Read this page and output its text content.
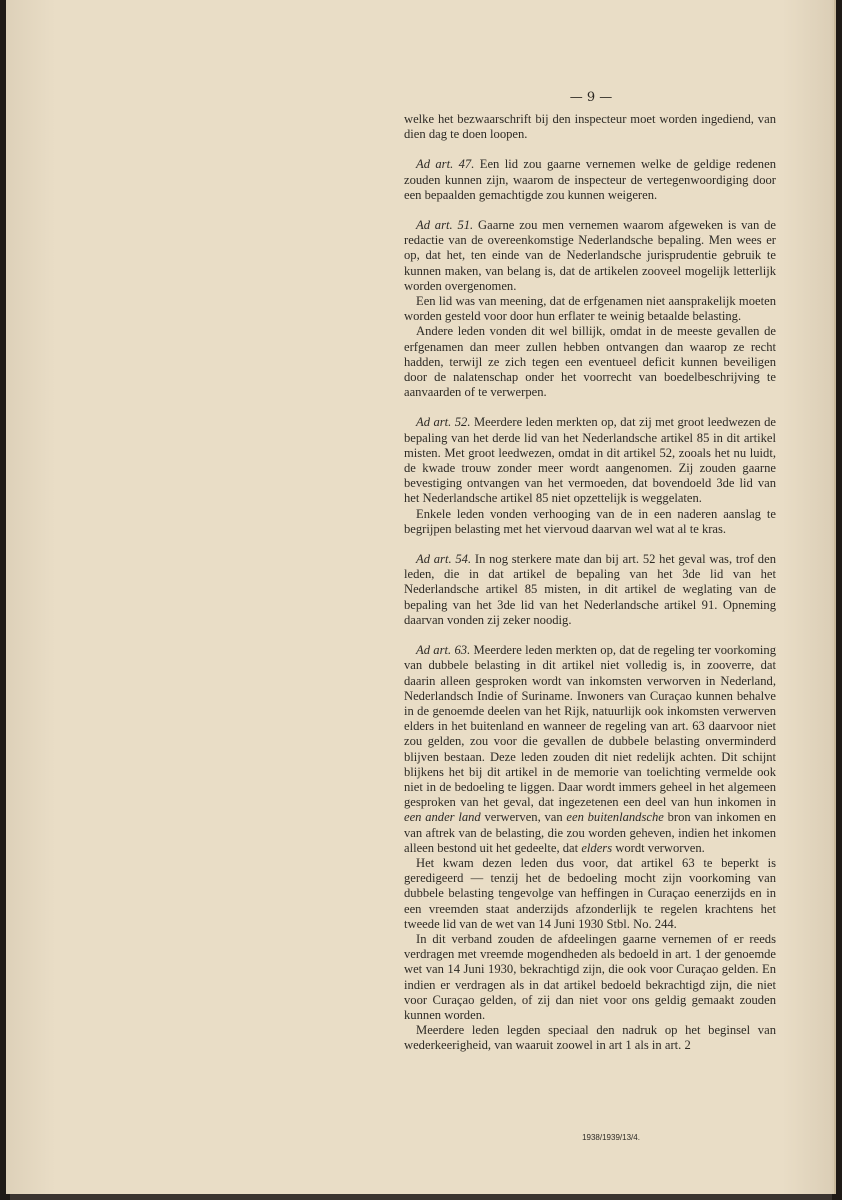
— 9 —

welke het bezwaarschrift bij den inspecteur moet worden ingediend, van dien dag te doen loopen.

Ad art. 47. Een lid zou gaarne vernemen welke de geldige redenen zouden kunnen zijn, waarom de inspecteur de vertegenwoordiging door een bepaalden gemachtigde zou kunnen weigeren.

Ad art. 51. Gaarne zou men vernemen waarom afgeweken is van de redactie van de overeenkomstige Nederlandsche bepaling. Men wees er op, dat het, ten einde van de Nederlandsche jurisprudentie gebruik te kunnen maken, van belang is, dat de artikelen zooveel mogelijk letterlijk worden overgenomen.

Een lid was van meening, dat de erfgenamen niet aansprakelijk moeten worden gesteld voor door hun erflater te weinig betaalde belasting.

Andere leden vonden dit wel billijk, omdat in de meeste gevallen de erfgenamen dan meer zullen hebben ontvangen dan waarop ze recht hadden, terwijl ze zich tegen een eventueel deficit kunnen beveiligen door de nalatenschap onder het voorrecht van boedelbeschrijving te aanvaarden of te verwerpen.

Ad art. 52. Meerdere leden merkten op, dat zij met groot leedwezen de bepaling van het derde lid van het Nederlandsche artikel 85 in dit artikel misten. Met groot leedwezen, omdat in dit artikel 52, zooals het nu luidt, de kwade trouw zonder meer wordt aangenomen. Zij zouden gaarne bevestiging ontvangen van het vermoeden, dat bovendoeld 3de lid van het Nederlandsche artikel 85 niet opzettelijk is weggelaten.

Enkele leden vonden verhooging van de in een naderen aanslag te begrijpen belasting met het viervoud daarvan wel wat al te kras.

Ad art. 54. In nog sterkere mate dan bij art. 52 het geval was, trof den leden, die in dat artikel de bepaling van het 3de lid van het Nederlandsche artikel 85 misten, in dit artikel de weglating van de bepaling van het 3de lid van het Nederlandsche artikel 91. Opneming daarvan vonden zij zeker noodig.

Ad art. 63. Meerdere leden merkten op, dat de regeling ter voorkoming van dubbele belasting in dit artikel niet volledig is, in zooverre, dat daarin alleen gesproken wordt van inkomsten verworven in Nederland, Nederlandsch Indie of Suriname. Inwoners van Curaçao kunnen behalve in de genoemde deelen van het Rijk, natuurlijk ook inkomsten verwerven elders in het buitenland en wanneer de regeling van art. 63 daarvoor niet zou gelden, zou voor die gevallen de dubbele belasting onverminderd blijven bestaan. Deze leden zouden dit niet redelijk achten. Dit schijnt blijkens het bij dit artikel in de memorie van toelichting vermelde ook niet in de bedoeling te liggen. Daar wordt immers geheel in het algemeen gesproken van het geval, dat ingezetenen een deel van hun inkomen in een ander land verwerven, van een buitenlandsche bron van inkomen en van aftrek van de belasting, die zou worden geheven, indien het inkomen alleen bestond uit het gedeelte, dat elders wordt verworven.

Het kwam dezen leden dus voor, dat artikel 63 te beperkt is geredigeerd — tenzij het de bedoeling mocht zijn voorkoming van dubbele belasting tengevolge van heffingen in Curaçao eenerzijds en in een vreemden staat anderzijds afzonderlijk te regelen krachtens het tweede lid van de wet van 14 Juni 1930 Stbl. No. 244.

In dit verband zouden de afdeelingen gaarne vernemen of er reeds verdragen met vreemde mogendheden als bedoeld in art. 1 der genoemde wet van 14 Juni 1930, bekrachtigd zijn, die ook voor Curaçao gelden. En indien er verdragen als in dat artikel bedoeld bekrachtigd zijn, die niet voor Curaçao gelden, of zij dan niet voor ons geldig gemaakt zouden kunnen worden.

Meerdere leden legden speciaal den nadruk op het beginsel van wederkeerigheid, van waaruit zoowel in art 1 als in art. 2

1938/1939/13/4.
